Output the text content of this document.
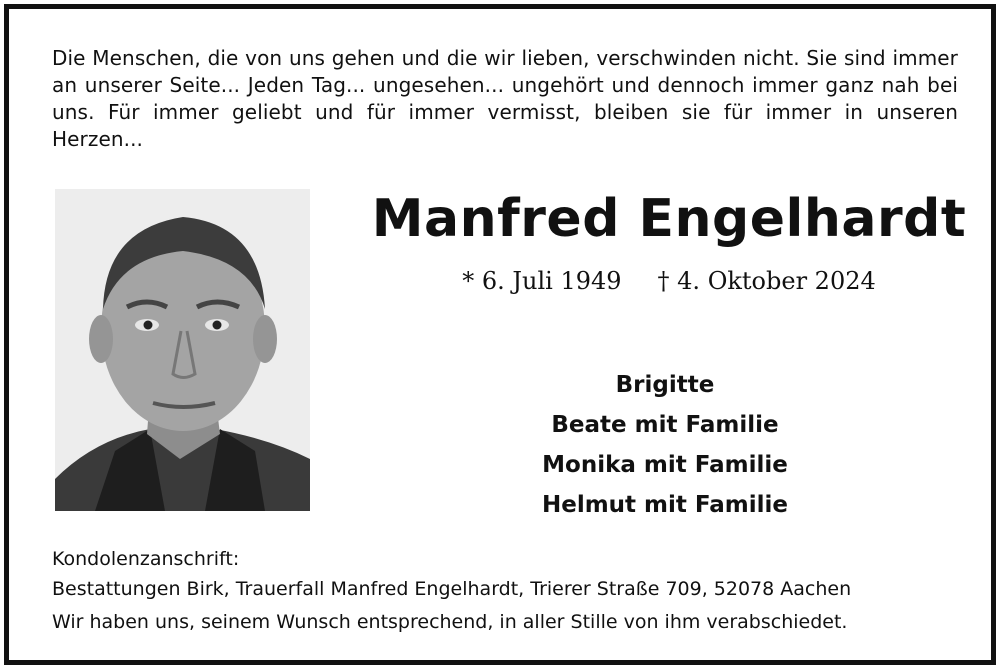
Die Menschen, die von uns gehen und die wir lieben, verschwinden nicht. Sie sind immer an unserer Seite... Jeden Tag... ungesehen... ungehört und dennoch immer ganz nah bei uns. Für immer geliebt und für immer vermisst, bleiben sie für immer in unseren Herzen...
Manfred Engelhardt
* 6. Juli 1949 † 4. Oktober 2024
Brigitte
Beate mit Familie
Monika mit Familie
Helmut mit Familie
Kondolenzanschrift:
Bestattungen Birk, Trauerfall Manfred Engelhardt, Trierer Straße 709, 52078 Aachen
Wir haben uns, seinem Wunsch entsprechend, in aller Stille von ihm verabschiedet.
